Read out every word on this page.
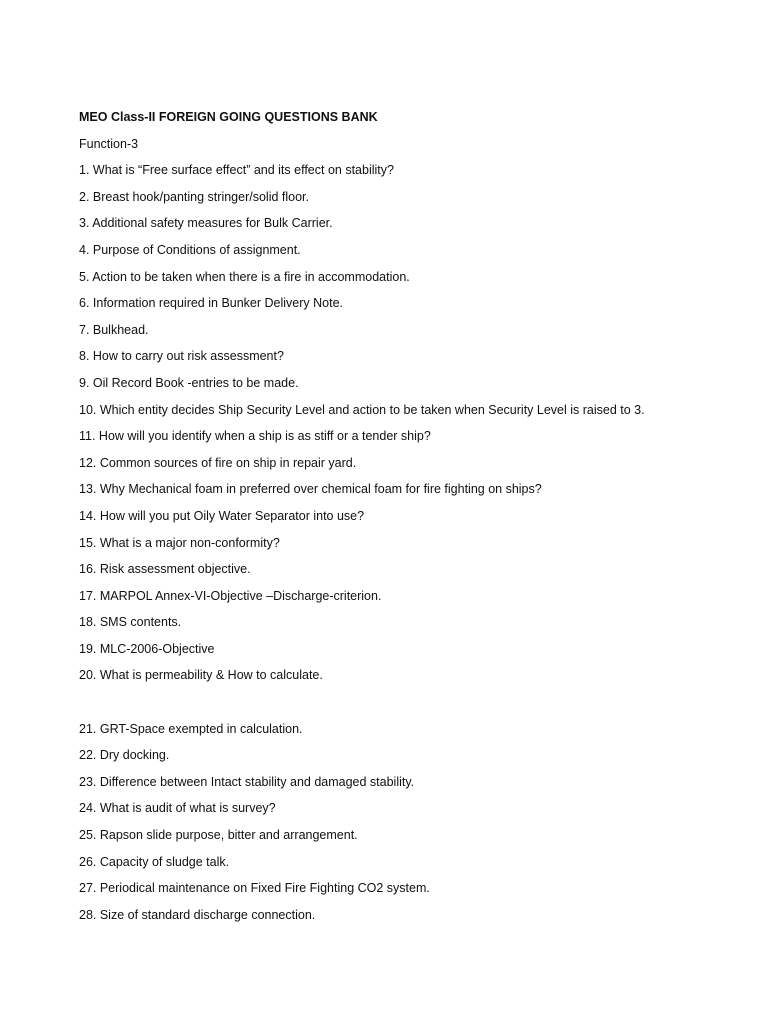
MEO Class-II FOREIGN GOING QUESTIONS BANK
Function-3
1. What is “Free surface effect” and its effect on stability?
2. Breast hook/panting stringer/solid floor.
3. Additional safety measures for Bulk Carrier.
4. Purpose of Conditions of assignment.
5. Action to be taken when there is a fire in accommodation.
6. Information required in Bunker Delivery Note.
7. Bulkhead.
8. How to carry out risk assessment?
9. Oil Record Book -entries to be made.
10. Which entity decides Ship Security Level and action to be taken when Security Level is raised to 3.
11. How will you identify when a ship is as stiff or a tender ship?
12. Common sources of fire on ship in repair yard.
13. Why Mechanical foam in preferred over chemical foam for fire fighting on ships?
14. How will you put Oily Water Separator into use?
15. What is a major non-conformity?
16. Risk assessment objective.
17. MARPOL Annex-VI-Objective –Discharge-criterion.
18. SMS contents.
19. MLC-2006-Objective
20. What is permeability & How to calculate.
21. GRT-Space exempted in calculation.
22. Dry docking.
23. Difference between Intact stability and damaged stability.
24. What is audit of what is survey?
25. Rapson slide purpose, bitter and arrangement.
26. Capacity of sludge talk.
27. Periodical maintenance on Fixed Fire Fighting CO2 system.
28. Size of standard discharge connection.
